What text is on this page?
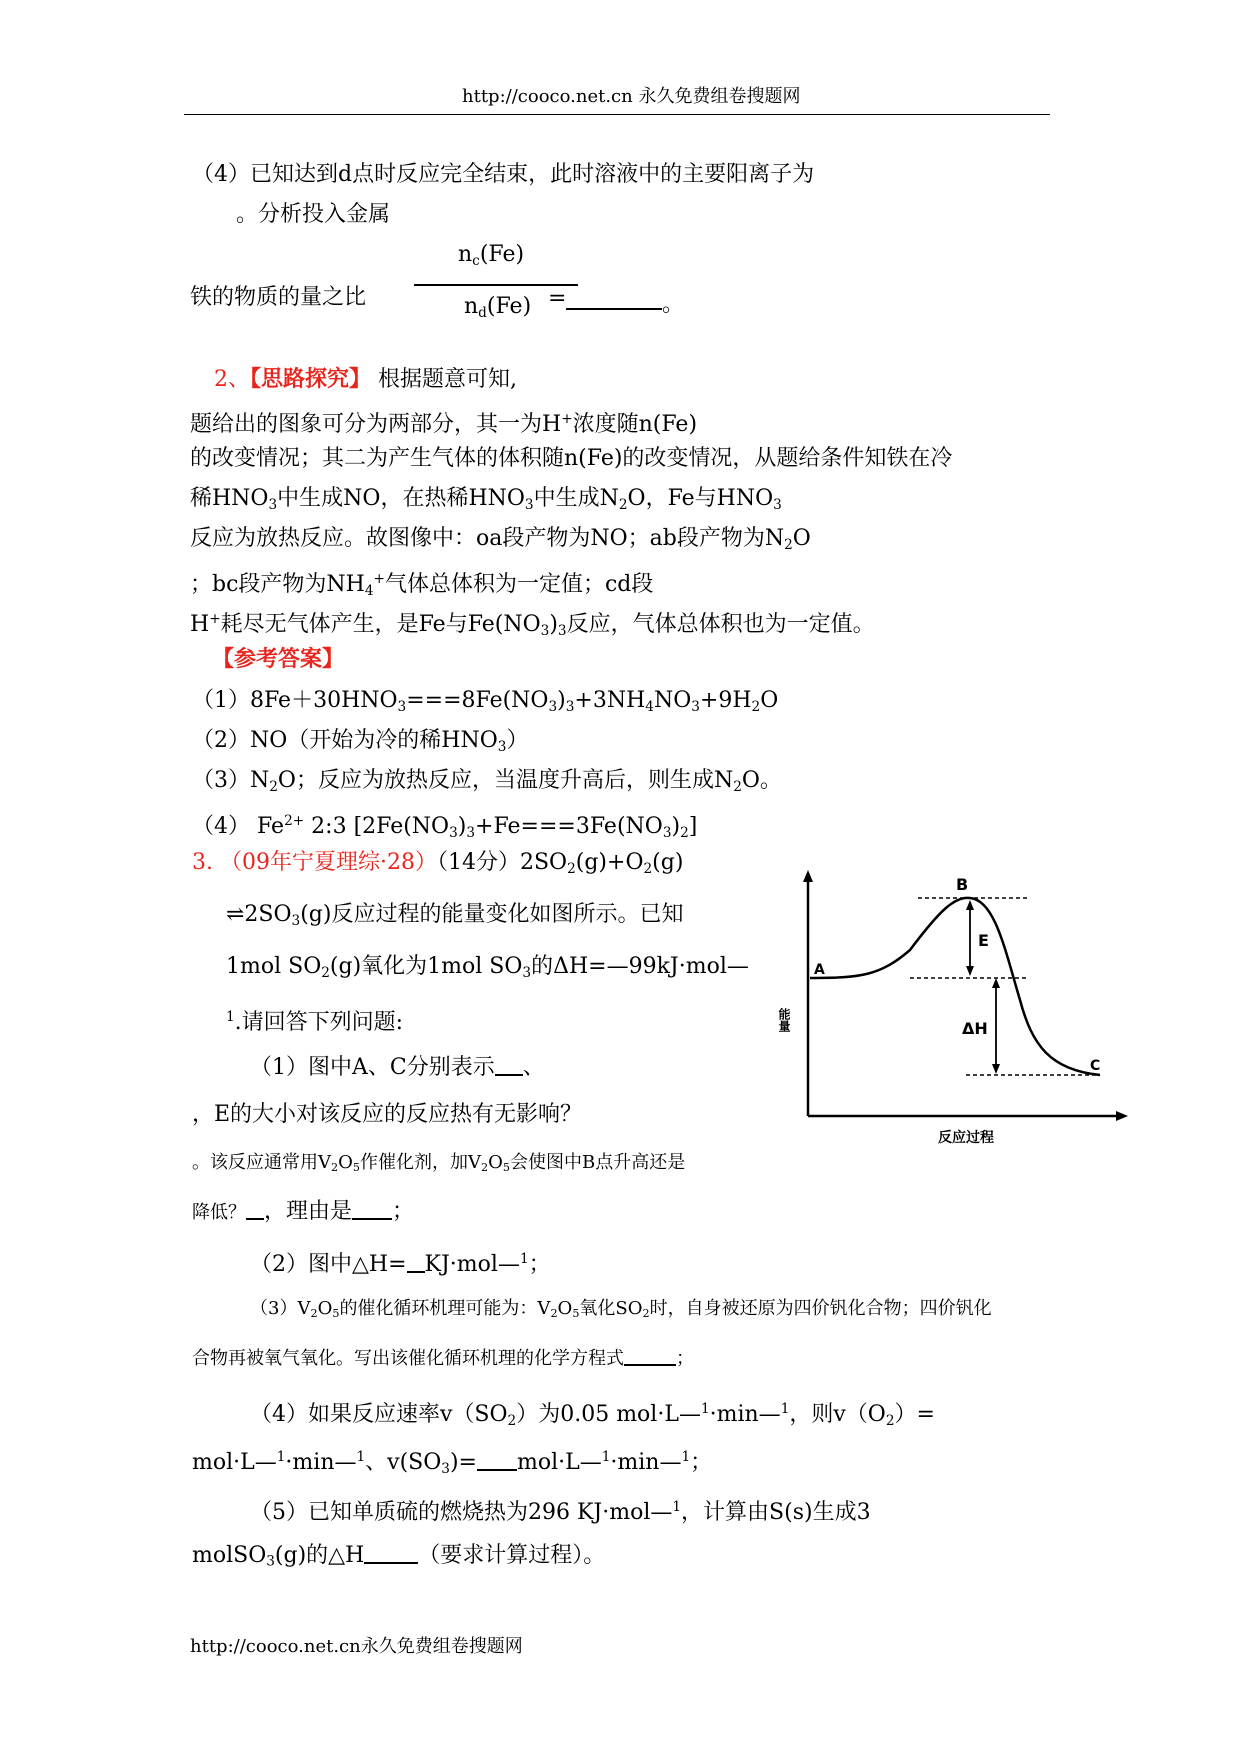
http://cooco.net.cn 永久免费组卷搜题网
（4）已知达到d点时反应完全结束，此时溶液中的主要阳离子为
。分析投入金属
$n_c(Fe)$
铁的物质的量之比	$n_d(Fe)$ =	。
2、【思路探究】 根据题意可知,
题给出的图象可分为两部分，其一为H+浓度随n(Fe)
的改变情况；其二为产生气体的体积随n(Fe)的改变情况，从题给条件知铁在冷
稀$HNO_3$中生成NO，在热稀$HNO_3$中生成$N_2O$，Fe与$HNO_3$
反应为放热反应。故图像中：oa段产物为NO；ab段产物为$N_2O$
；bc段产物为$NH_4^+$气体总体积为一定值；cd段
H+耗尽无气体产生，是Fe与$Fe(NO_3)_3$反应，气体总体积也为一定值。
【参考答案】
$(1)8Fe+30HNO_3===8Fe(NO_3)_3+3NH_4NO_3+9H_2O$
（2）NO（开始为冷的稀$HNO_3$）
$(3)N_2O$；反应为放热反应，当温度升高后，则生成$N_2O$。
（4） $Fe^{2+}$ 2:3 $[2Fe(NO_3)_3+Fe===3Fe(NO_3)_2]$
3. （09年宁夏理综·28）（14分）$2SO_2(g)+O_2(g)$
$\rightleftharpoons 2SO_3(g)$反应过程的能量变化如图所示。已知
1mol $SO_2(g)$氧化为1mol $SO_3$的ΔH=—99kJ·mol—
$^1$.请回答下列问题:
（1）图中A、C分别表示 、
，E的大小对该反应的反应热有无影响？
。该反应通常用$V_2O_5$作催化剂，加$V_2O_5$会使图中B点升高还是
降低？ ，理由是 ；
（2）图中△H= KJ·mol—$^1$；
$(3)V_2O_5$的催化循环机理可能为：$V_2O_5$氧化$SO_2$时，自身被还原为四价钒化合物；四价钒化
合物再被氧气氧化。写出该催化循环机理的化学方程式	；
（4）如果反应速率$v(SO_2)$为0.05 mol·L—$^1$·min—$^1$，则$v(O_2)=$
mol·L—$^1$·min—$^1$、$v(SO_3)=$ mol·L—$^1$·min—$^1$；
（5）已知单质硫的燃烧热为296 KJ·mol—$^1$，计算由S(s)生成3
molSO$_3$(g)的△H （要求计算过程）。
A
B
C
E
ΔH
能量
反应过程
http://cooco.net.cn永久免费组卷搜题网
